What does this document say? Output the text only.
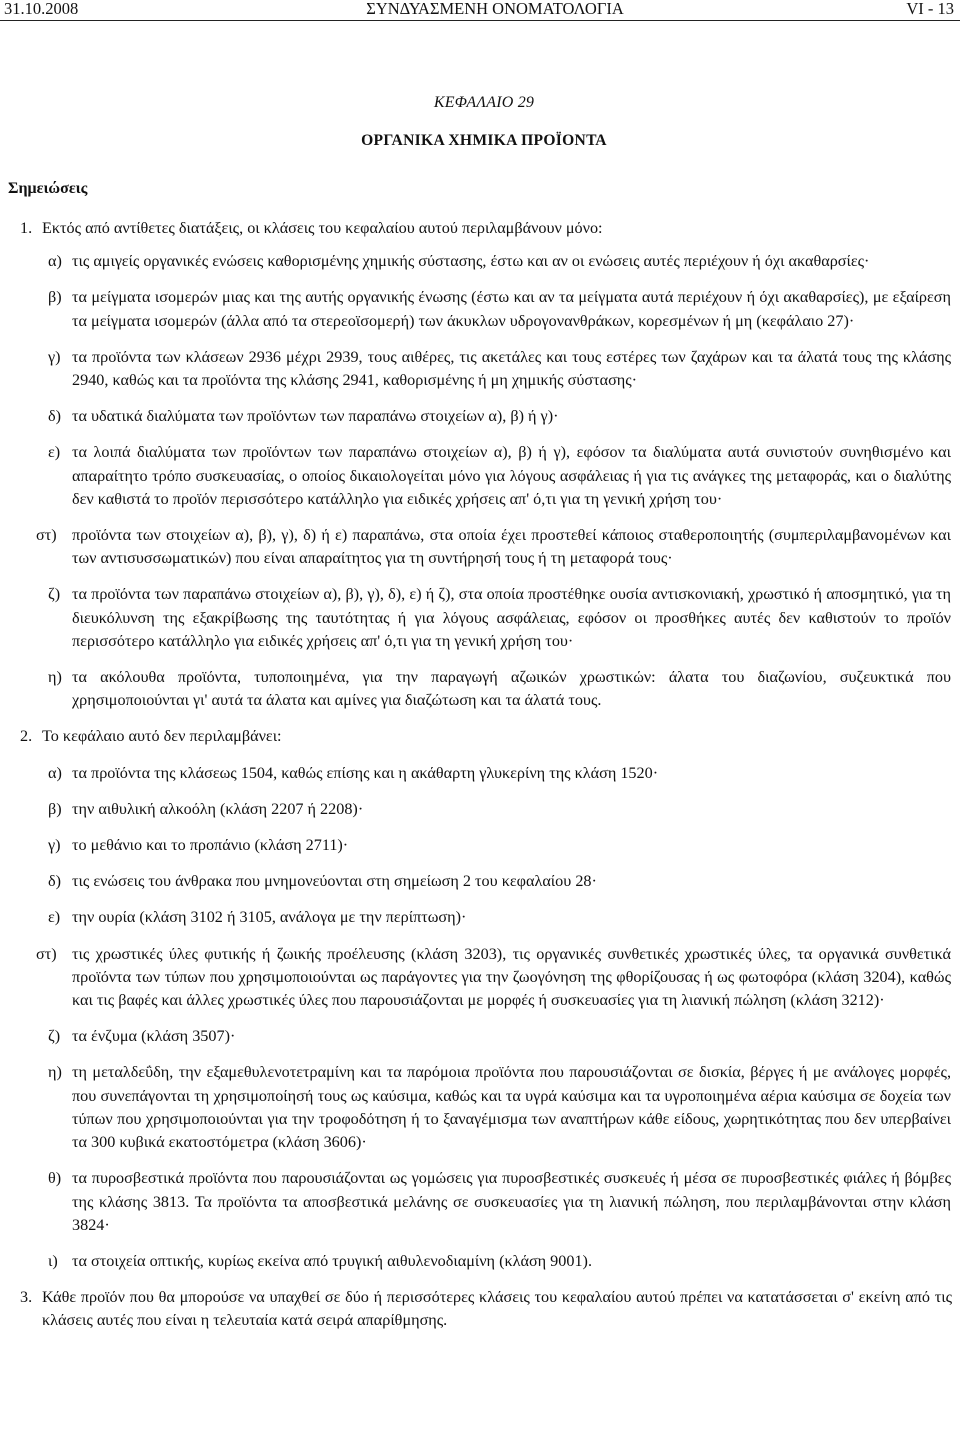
31.10.2008	ΣΥΝΔΥΑΣΜΕΝΗ ΟΝΟΜΑΤΟΛΟΓΙΑ	VI - 13
ΚΕΦΑΛΑΙΟ 29
ΟΡΓΑΝΙΚΑ ΧΗΜΙΚΑ ΠΡΟΪΟΝΤΑ
Σημειώσεις
1. Εκτός από αντίθετες διατάξεις, οι κλάσεις του κεφαλαίου αυτού περιλαμβάνουν μόνο:
α) τις αμιγείς οργανικές ενώσεις καθορισμένης χημικής σύστασης, έστω και αν οι ενώσεις αυτές περιέχουν ή όχι ακαθαρσίες·
β) τα μείγματα ισομερών μιας και της αυτής οργανικής ένωσης (έστω και αν τα μείγματα αυτά περιέχουν ή όχι ακαθαρσίες), με εξαίρεση τα μείγματα ισομερών (άλλα από τα στερεοϊσομερή) των άκυκλων υδρογονανθράκων, κορεσμένων ή μη (κεφάλαιο 27)·
γ) τα προϊόντα των κλάσεων 2936 μέχρι 2939, τους αιθέρες, τις ακετάλες και τους εστέρες των ζαχάρων και τα άλατά τους της κλάσης 2940, καθώς και τα προϊόντα της κλάσης 2941, καθορισμένης ή μη χημικής σύστασης·
δ) τα υδατικά διαλύματα των προϊόντων των παραπάνω στοιχείων α), β) ή γ)·
ε) τα λοιπά διαλύματα των προϊόντων των παραπάνω στοιχείων α), β) ή γ), εφόσον τα διαλύματα αυτά συνιστούν συνηθισμένο και απαραίτητο τρόπο συσκευασίας, ο οποίος δικαιολογείται μόνο για λόγους ασφάλειας ή για τις ανάγκες της μεταφοράς, και ο διαλύτης δεν καθιστά το προϊόν περισσότερο κατάλληλο για ειδικές χρήσεις απ' ό,τι για τη γενική χρήση του·
στ) προϊόντα των στοιχείων α), β), γ), δ) ή ε) παραπάνω, στα οποία έχει προστεθεί κάποιος σταθεροποιητής (συμπεριλαμβανομένων και των αντισυσσωματικών) που είναι απαραίτητος για τη συντήρησή τους ή τη μεταφορά τους·
ζ) τα προϊόντα των παραπάνω στοιχείων α), β), γ), δ), ε) ή ζ), στα οποία προστέθηκε ουσία αντισκονιακή, χρωστικό ή αποσμητικό, για τη διευκόλυνση της εξακρίβωσης της ταυτότητας ή για λόγους ασφάλειας, εφόσον οι προσθήκες αυτές δεν καθιστούν το προϊόν περισσότερο κατάλληλο για ειδικές χρήσεις απ' ό,τι για τη γενική χρήση του·
η) τα ακόλουθα προϊόντα, τυποποιημένα, για την παραγωγή αζωικών χρωστικών: άλατα του διαζωνίου, συζευκτικά που χρησιμοποιούνται γι' αυτά τα άλατα και αμίνες για διαζώτωση και τα άλατά τους.
2. Το κεφάλαιο αυτό δεν περιλαμβάνει:
α) τα προϊόντα της κλάσεως 1504, καθώς επίσης και η ακάθαρτη γλυκερίνη της κλάση 1520·
β) την αιθυλική αλκοόλη (κλάση 2207 ή 2208)·
γ) το μεθάνιο και το προπάνιο (κλάση 2711)·
δ) τις ενώσεις του άνθρακα που μνημονεύονται στη σημείωση 2 του κεφαλαίου 28·
ε) την ουρία (κλάση 3102 ή 3105, ανάλογα με την περίπτωση)·
στ) τις χρωστικές ύλες φυτικής ή ζωικής προέλευσης (κλάση 3203), τις οργανικές συνθετικές χρωστικές ύλες, τα οργανικά συνθετικά προϊόντα των τύπων που χρησιμοποιούνται ως παράγοντες για την ζωογόνηση της φθορίζουσας ή ως φωτοφόρα (κλάση 3204), καθώς και τις βαφές και άλλες χρωστικές ύλες που παρουσιάζονται με μορφές ή συσκευασίες για τη λιανική πώληση (κλάση 3212)·
ζ) τα ένζυμα (κλάση 3507)·
η) τη μεταλδεΰδη, την εξαμεθυλενοτετραμίνη και τα παρόμοια προϊόντα που παρουσιάζονται σε δισκία, βέργες ή με ανάλογες μορφές, που συνεπάγονται τη χρησιμοποίησή τους ως καύσιμα, καθώς και τα υγρά καύσιμα και τα υγροποιημένα αέρια καύσιμα σε δοχεία των τύπων που χρησιμοποιούνται για την τροφοδότηση ή το ξαναγέμισμα των αναπτήρων κάθε είδους, χωρητικότητας που δεν υπερβαίνει τα 300 κυβικά εκατοστόμετρα (κλάση 3606)·
θ) τα πυροσβεστικά προϊόντα που παρουσιάζονται ως γομώσεις για πυροσβεστικές συσκευές ή μέσα σε πυροσβεστικές φιάλες ή βόμβες της κλάσης 3813. Τα προϊόντα τα αποσβεστικά μελάνης σε συσκευασίες για τη λιανική πώληση, που περιλαμβάνονται στην κλάση 3824·
ι) τα στοιχεία οπτικής, κυρίως εκείνα από τρυγική αιθυλενοδιαμίνη (κλάση 9001).
3. Κάθε προϊόν που θα μπορούσε να υπαχθεί σε δύο ή περισσότερες κλάσεις του κεφαλαίου αυτού πρέπει να κατατάσσεται σ' εκείνη από τις κλάσεις αυτές που είναι η τελευταία κατά σειρά απαρίθμησης.
